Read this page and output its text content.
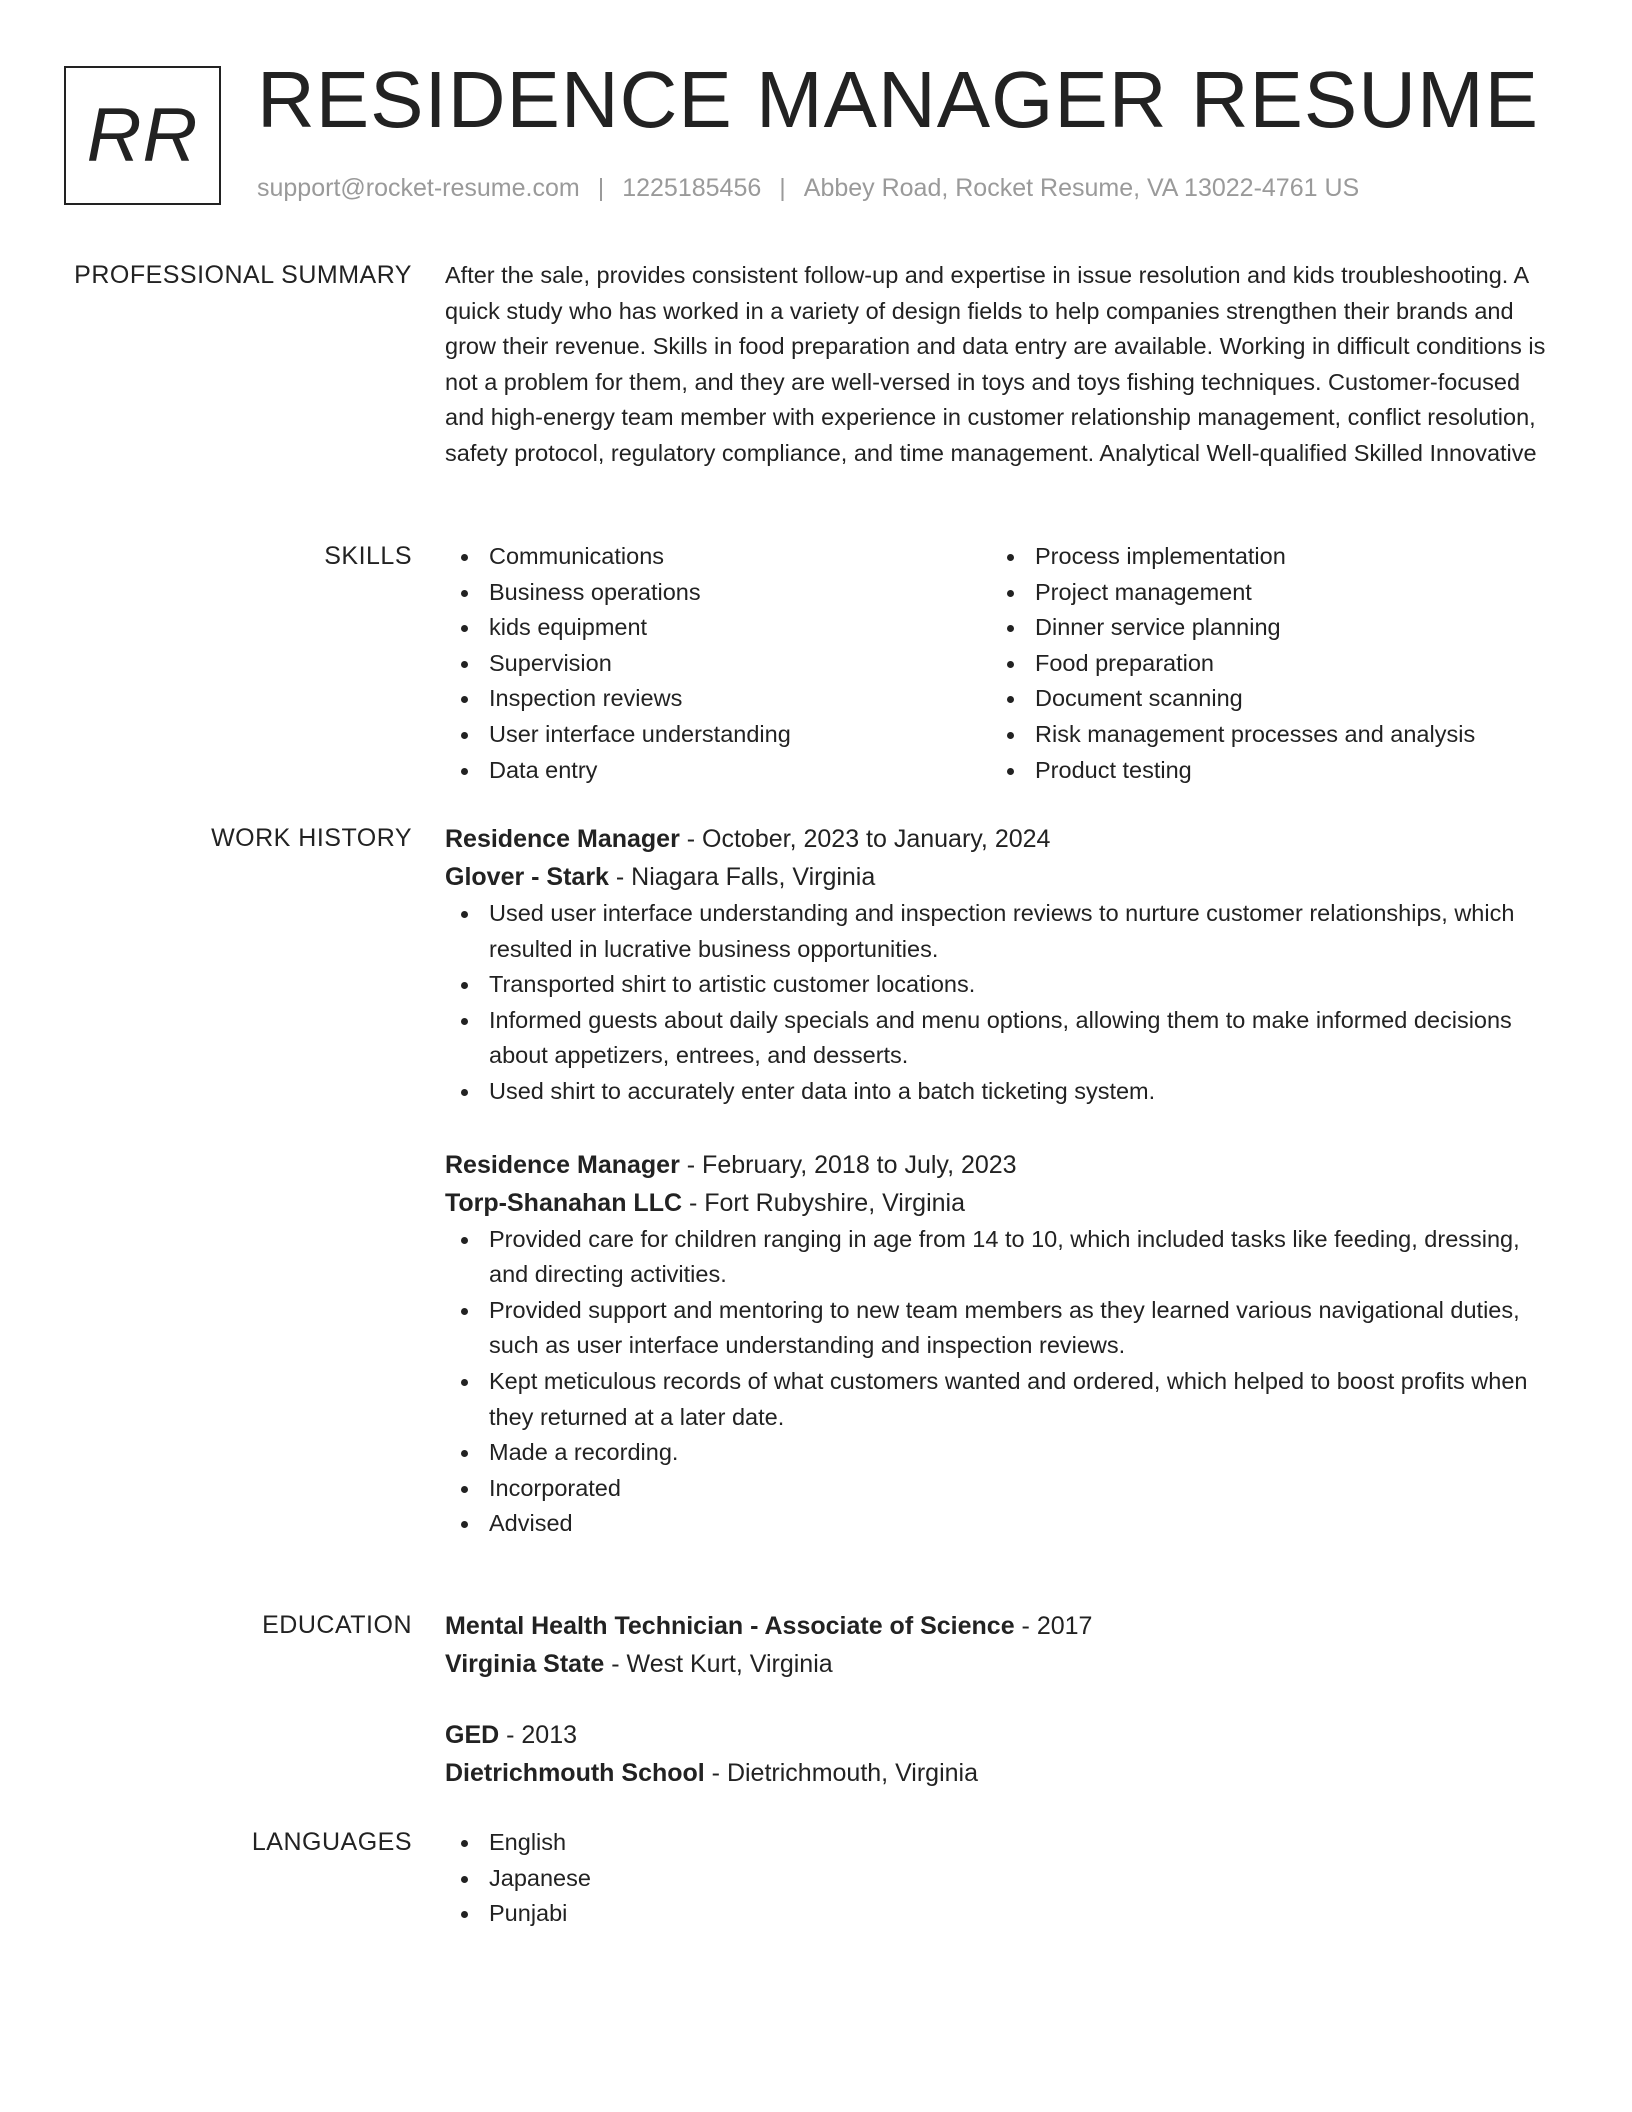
RR RESIDENCE MANAGER RESUME
support@rocket-resume.com | 1225185456 | Abbey Road, Rocket Resume, VA 13022-4761 US
PROFESSIONAL SUMMARY After the sale, provides consistent follow-up and expertise in issue resolution and kids troubleshooting. A quick study who has worked in a variety of design fields to help companies strengthen their brands and grow their revenue. Skills in food preparation and data entry are available. Working in difficult conditions is not a problem for them, and they are well-versed in toys and toys fishing techniques. Customer-focused and high-energy team member with experience in customer relationship management, conflict resolution, safety protocol, regulatory compliance, and time management. Analytical Well-qualified Skilled Innovative

SKILLS	Communications
Business operations
kids equipment
Supervision
Inspection reviews
User interface understanding
Data entry
Process implementation
Project management
Dinner service planning
Food preparation
Document scanning
Risk management processes and analysis
Product testing
WORK HISTORY Residence Manager - October, 2023 to January, 2024
Glover - Stark - Niagara Falls, Virginia
Used user interface understanding and inspection reviews to nurture customer relationships, which resulted in lucrative business opportunities.
Transported shirt to artistic customer locations.
Informed guests about daily specials and menu options, allowing them to make informed decisions about appetizers, entrees, and desserts.
Used shirt to accurately enter data into a batch ticketing system.
Residence Manager - February, 2018 to July, 2023
Torp-Shanahan LLC - Fort Rubyshire, Virginia
Provided care for children ranging in age from 14 to 10, which included tasks like feeding, dressing, and directing activities.
Provided support and mentoring to new team members as they learned various navigational duties, such as user interface understanding and inspection reviews.
Kept meticulous records of what customers wanted and ordered, which helped to boost profits when they returned at a later date.
Made a recording.
Incorporated
Advised
EDUCATION Mental Health Technician - Associate of Science - 2017
Virginia State - West Kurt, Virginia
GED - 2013
Dietrichmouth School - Dietrichmouth, Virginia
LANGUAGES	English
Japanese
Punjabi
